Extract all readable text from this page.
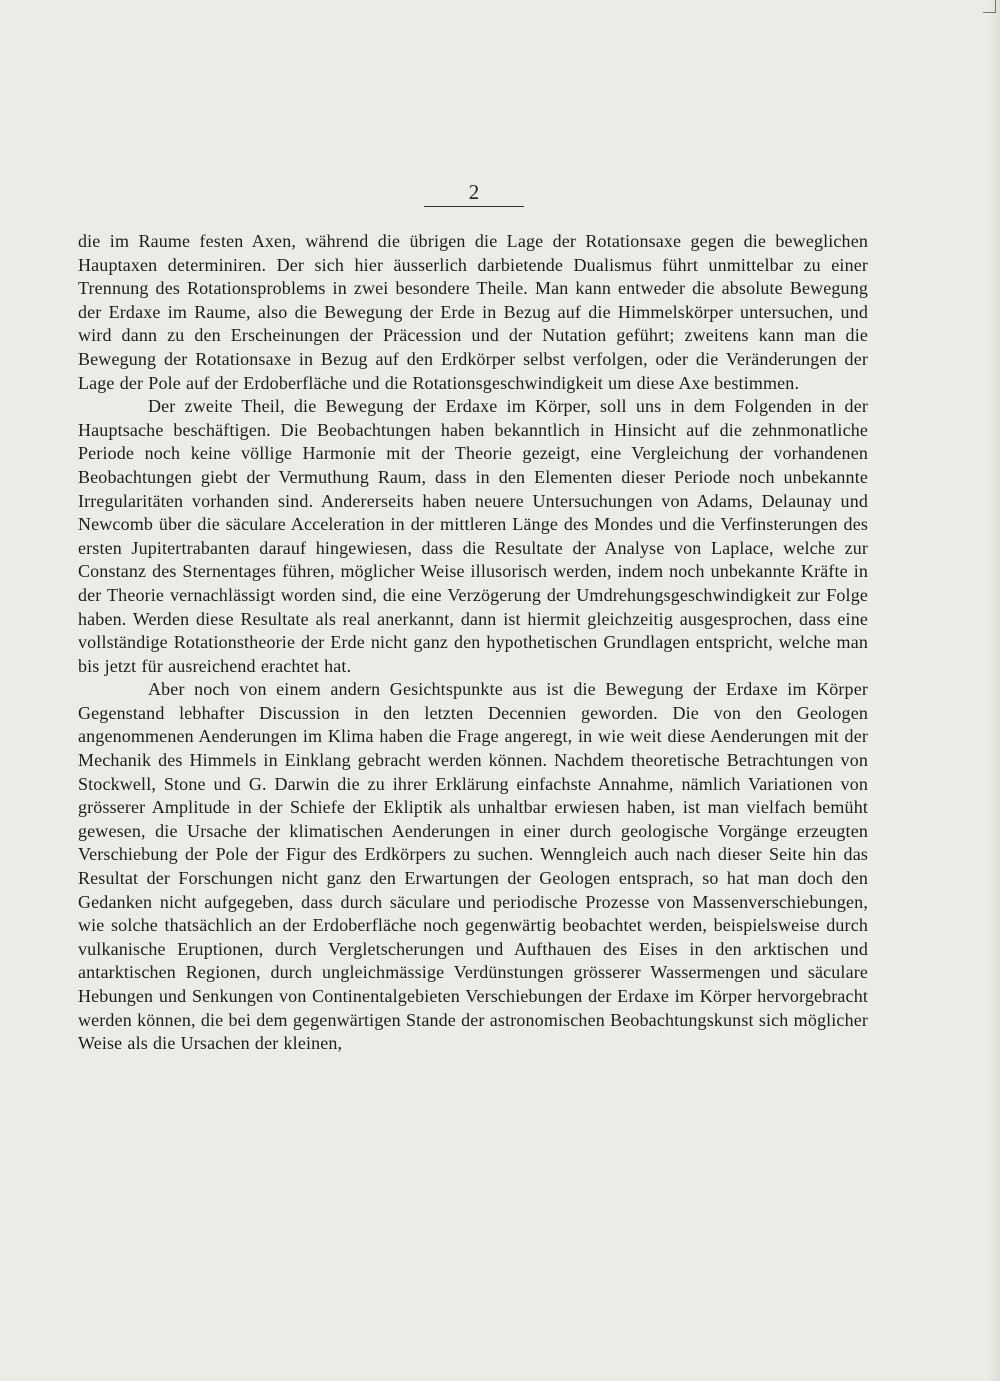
2

die im Raume festen Axen, während die übrigen die Lage der Rotationsaxe gegen die beweglichen Hauptaxen determiniren. Der sich hier äusserlich darbietende Dualismus führt unmittelbar zu einer Trennung des Rotationsproblems in zwei besondere Theile. Man kann entweder die absolute Bewegung der Erdaxe im Raume, also die Bewegung der Erde in Bezug auf die Himmelskörper untersuchen, und wird dann zu den Erscheinungen der Präcession und der Nutation geführt; zweitens kann man die Bewegung der Rotationsaxe in Bezug auf den Erdkörper selbst verfolgen, oder die Veränderungen der Lage der Pole auf der Erdoberfläche und die Rotationsgeschwindigkeit um diese Axe bestimmen.

Der zweite Theil, die Bewegung der Erdaxe im Körper, soll uns in dem Folgenden in der Hauptsache beschäftigen. Die Beobachtungen haben bekanntlich in Hinsicht auf die zehnmonatliche Periode noch keine völlige Harmonie mit der Theorie gezeigt, eine Vergleichung der vorhandenen Beobachtungen giebt der Vermuthung Raum, dass in den Elementen dieser Periode noch unbekannte Irregularitäten vorhanden sind. Andererseits haben neuere Untersuchungen von Adams, Delaunay und Newcomb über die säculare Acceleration in der mittleren Länge des Mondes und die Verfinsterungen des ersten Jupitertrabanten darauf hingewiesen, dass die Resultate der Analyse von Laplace, welche zur Constanz des Sternentages führen, möglicher Weise illusorisch werden, indem noch unbekannte Kräfte in der Theorie vernachlässigt worden sind, die eine Verzögerung der Umdrehungsgeschwindigkeit zur Folge haben. Werden diese Resultate als real anerkannt, dann ist hiermit gleichzeitig ausgesprochen, dass eine vollständige Rotationstheorie der Erde nicht ganz den hypothetischen Grundlagen entspricht, welche man bis jetzt für ausreichend erachtet hat.

Aber noch von einem andern Gesichtspunkte aus ist die Bewegung der Erdaxe im Körper Gegenstand lebhafter Discussion in den letzten Decennien geworden. Die von den Geologen angenommenen Aenderungen im Klima haben die Frage angeregt, in wie weit diese Aenderungen mit der Mechanik des Himmels in Einklang gebracht werden können. Nachdem theoretische Betrachtungen von Stockwell, Stone und G. Darwin die zu ihrer Erklärung einfachste Annahme, nämlich Variationen von grösserer Amplitude in der Schiefe der Ekliptik als unhaltbar erwiesen haben, ist man vielfach bemüht gewesen, die Ursache der klimatischen Aenderungen in einer durch geologische Vorgänge erzeugten Verschiebung der Pole der Figur des Erdkörpers zu suchen. Wenngleich auch nach dieser Seite hin das Resultat der Forschungen nicht ganz den Erwartungen der Geologen entsprach, so hat man doch den Gedanken nicht aufgegeben, dass durch säculare und periodische Prozesse von Massenverschiebungen, wie solche thatsächlich an der Erdoberfläche noch gegenwärtig beobachtet werden, beispielsweise durch vulkanische Eruptionen, durch Vergletscherungen und Aufthauen des Eises in den arktischen und antarktischen Regionen, durch ungleichmässige Verdünstungen grösserer Wassermengen und säculare Hebungen und Senkungen von Continentalgebieten Verschiebungen der Erdaxe im Körper hervorgebracht werden können, die bei dem gegenwärtigen Stande der astronomischen Beobachtungskunst sich möglicher Weise als die Ursachen der kleinen,
